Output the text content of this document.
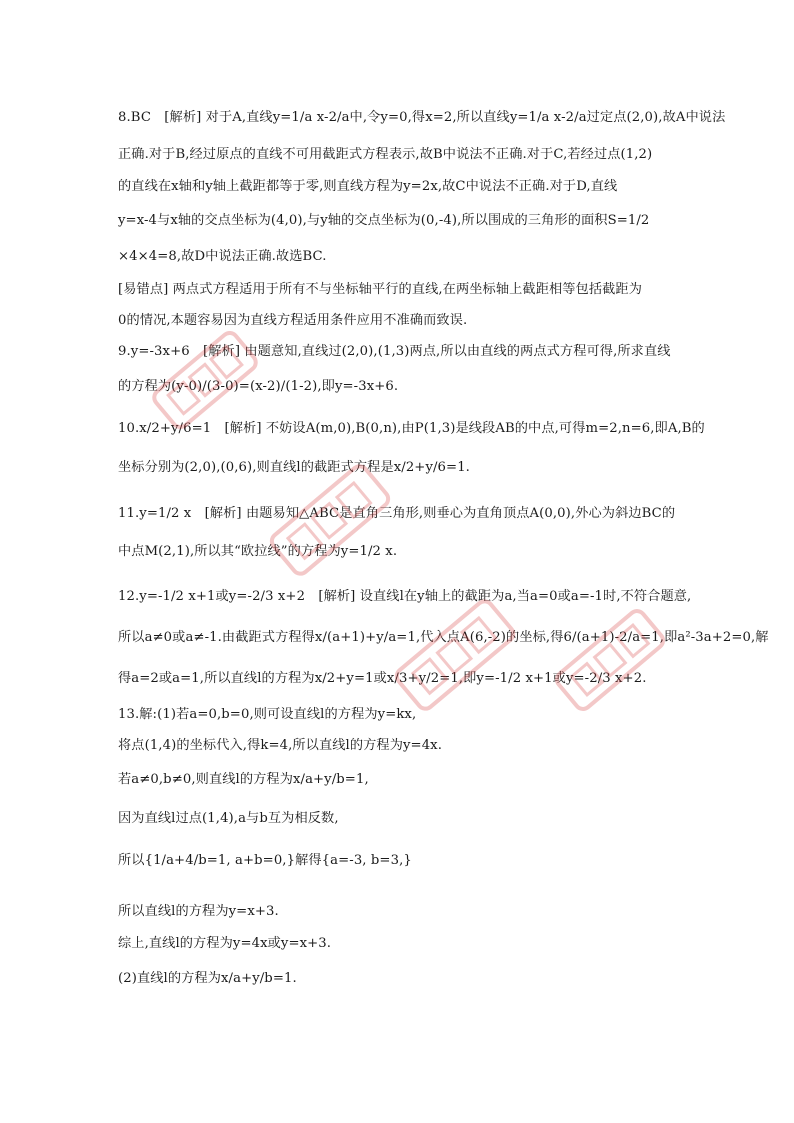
8.BC　[解析] 对于A,直线y=1/a x-2/a中,令y=0,得x=2,所以直线y=1/a x-2/a过定点(2,0),故A中说法
正确.对于B,经过原点的直线不可用截距式方程表示,故B中说法不正确.对于C,若经过点(1,2)
的直线在x轴和y轴上截距都等于零,则直线方程为y=2x,故C中说法不正确.对于D,直线
y=x-4与x轴的交点坐标为(4,0),与y轴的交点坐标为(0,-4),所以围成的三角形的面积S=1/2
×4×4=8,故D中说法正确.故选BC.
[易错点] 两点式方程适用于所有不与坐标轴平行的直线,在两坐标轴上截距相等包括截距为
0的情况,本题容易因为直线方程适用条件应用不准确而致误.
9.y=-3x+6　[解析] 由题意知,直线过(2,0),(1,3)两点,所以由直线的两点式方程可得,所求直线
的方程为(y-0)/(3-0)=(x-2)/(1-2),即y=-3x+6.
10.x/2+y/6=1　[解析] 不妨设A(m,0),B(0,n),由P(1,3)是线段AB的中点,可得m=2,n=6,即A,B的
坐标分别为(2,0),(0,6),则直线l的截距式方程是x/2+y/6=1.
11.y=1/2 x　[解析] 由题易知△ABC是直角三角形,则垂心为直角顶点A(0,0),外心为斜边BC的
中点M(2,1),所以其“欧拉线”的方程为y=1/2 x.
12.y=-1/2 x+1或y=-2/3 x+2　[解析] 设直线l在y轴上的截距为a,当a=0或a=-1时,不符合题意,
所以a≠0或a≠-1.由截距式方程得x/(a+1)+y/a=1,代入点A(6,-2)的坐标,得6/(a+1)-2/a=1,即a²-3a+2=0,解
得a=2或a=1,所以直线l的方程为x/2+y=1或x/3+y/2=1,即y=-1/2 x+1或y=-2/3 x+2.
13.解:(1)若a=0,b=0,则可设直线l的方程为y=kx,
将点(1,4)的坐标代入,得k=4,所以直线l的方程为y=4x.
若a≠0,b≠0,则直线l的方程为x/a+y/b=1,
因为直线l过点(1,4),a与b互为相反数,
所以{1/a+4/b=1, a+b=0,}解得{a=-3, b=3,}
所以直线l的方程为y=x+3.
综上,直线l的方程为y=4x或y=x+3.
(2)直线l的方程为x/a+y/b=1.
